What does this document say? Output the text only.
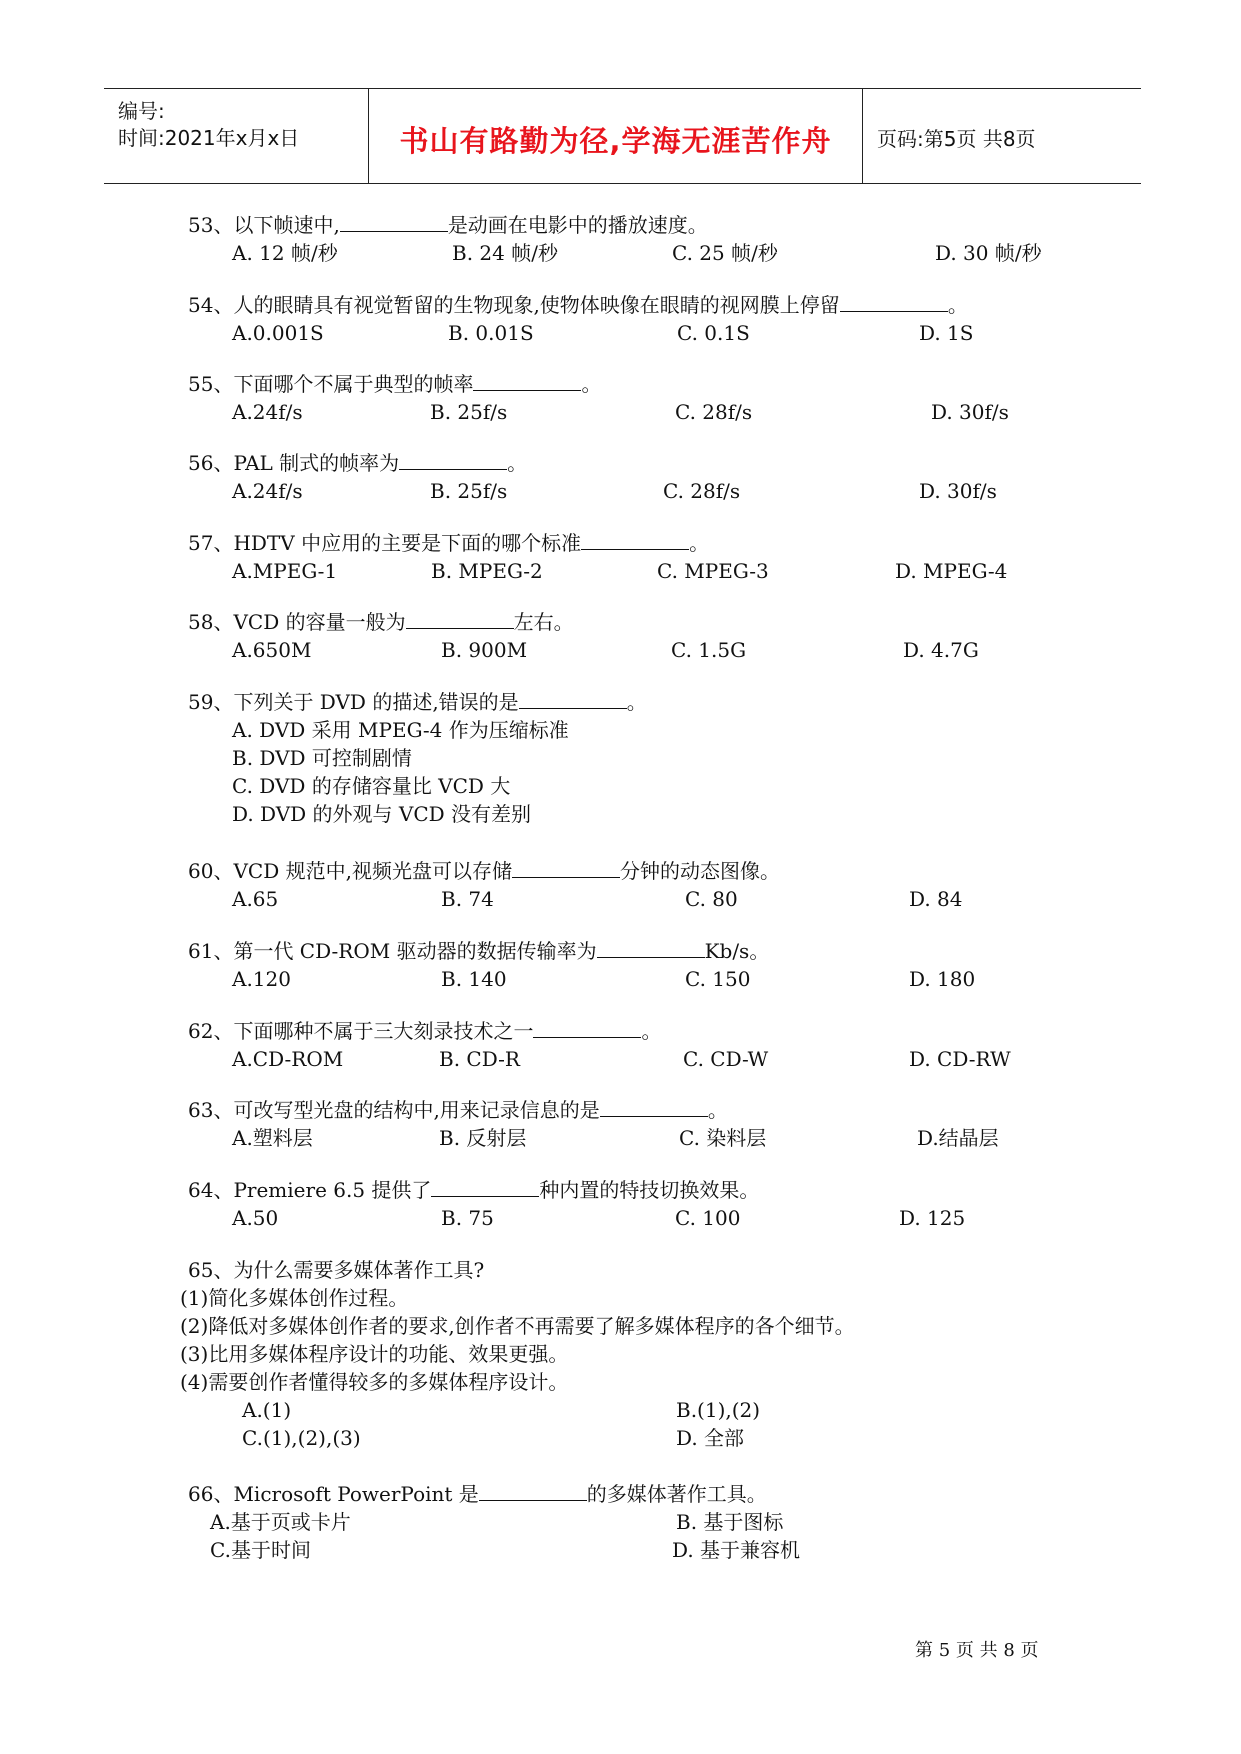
编号:
时间:2021年x月x日	书山有路勤为径,学海无涯苦作舟	页码:第5页 共8页
53、以下帧速中,	是动画在电影中的播放速度。
A. 12 帧/秒	B. 24 帧/秒	C. 25 帧/秒	D. 30 帧/秒
54、人的眼睛具有视觉暂留的生物现象,使物体映像在眼睛的视网膜上停留	。
A.0.001S	B. 0.01S	C. 0.1S	D. 1S
55、下面哪个不属于典型的帧率	。
A.24f/s	B. 25f/s	C. 28f/s	D. 30f/s
56、PAL 制式的帧率为	。
A.24f/s	B. 25f/s	C. 28f/s	D. 30f/s
57、HDTV 中应用的主要是下面的哪个标准	。
A.MPEG-1	B. MPEG-2	C. MPEG-3	D. MPEG-4
58、VCD 的容量一般为	左右。
A.650M	B. 900M	C. 1.5G	D. 4.7G
59、下列关于 DVD 的描述,错误的是	。
A. DVD 采用 MPEG-4 作为压缩标准
B. DVD 可控制剧情
C. DVD 的存储容量比 VCD 大
D. DVD 的外观与 VCD 没有差别
60、VCD 规范中,视频光盘可以存储	分钟的动态图像。
A.65	B. 74	C. 80	D. 84
61、第一代 CD-ROM 驱动器的数据传输率为	Kb/s。
A.120	B. 140	C. 150	D. 180
62、下面哪种不属于三大刻录技术之一	。
A.CD-ROM	B. CD-R	C. CD-W	D. CD-RW
63、可改写型光盘的结构中,用来记录信息的是	。
A.塑料层	B. 反射层	C. 染料层	D.结晶层
64、Premiere 6.5 提供了	种内置的特技切换效果。
A.50	B. 75	C. 100	D. 125
65、为什么需要多媒体著作工具?
(1)简化多媒体创作过程。
(2)降低对多媒体创作者的要求,创作者不再需要了解多媒体程序的各个细节。
(3)比用多媒体程序设计的功能、效果更强。
(4)需要创作者懂得较多的多媒体程序设计。
A.(1)	B.(1),(2)
C.(1),(2),(3)	D. 全部
66、Microsoft PowerPoint 是	的多媒体著作工具。
A.基于页或卡片	B. 基于图标
C.基于时间	D. 基于兼容机
第 5 页 共 8 页
